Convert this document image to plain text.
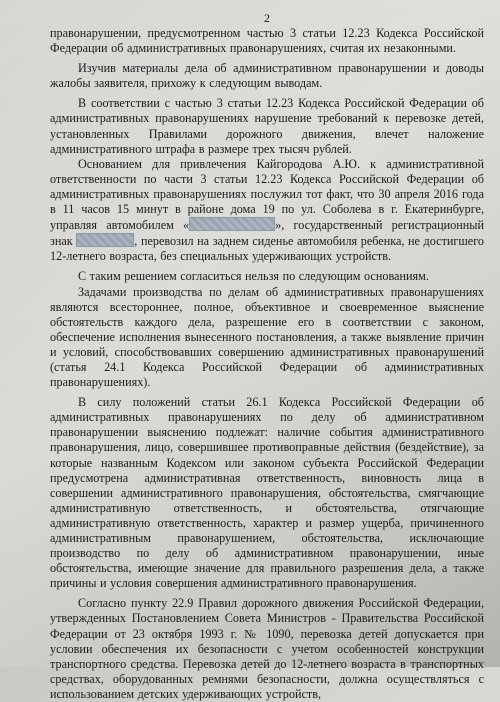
2

правонарушении, предусмотренном частью 3 статьи 12.23 Кодекса Российской Федерации об административных правонарушениях, считая их незаконными.

Изучив материалы дела об административном правонарушении и доводы жалобы заявителя, прихожу к следующим выводам.

В соответствии с частью 3 статьи 12.23 Кодекса Российской Федерации об административных правонарушениях нарушение требований к перевозке детей, установленных Правилами дорожного движения, влечет наложение административного штрафа в размере трех тысяч рублей.

Основанием для привлечения Кайгородова А.Ю. к административной ответственности по части 3 статьи 12.23 Кодекса Российской Федерации об административных правонарушениях послужил тот факт, что 30 апреля 2016 года в 11 часов 15 минут в районе дома 19 по ул. Соболева в г. Екатеринбурге, управляя автомобилем «	», государственный регистрационный знак	, перевозил на заднем сиденье автомобиля ребенка, не достигшего 12-летнего возраста, без специальных удерживающих устройств.

С таким решением согласиться нельзя по следующим основаниям.

Задачами производства по делам об административных правонарушениях являются всестороннее, полное, объективное и своевременное выяснение обстоятельств каждого дела, разрешение его в соответствии с законом, обеспечение исполнения вынесенного постановления, а также выявление причин и условий, способствовавших совершению административных правонарушений (статья 24.1 Кодекса Российской Федерации об административных правонарушениях).

В силу положений статьи 26.1 Кодекса Российской Федерации об административных правонарушениях по делу об административном правонарушении выяснению подлежат: наличие события административного правонарушения, лицо, совершившее противоправные действия (бездействие), за которые названным Кодексом или законом субъекта Российской Федерации предусмотрена административная ответственность, виновность лица в совершении административного правонарушения, обстоятельства, смягчающие административную ответственность, и обстоятельства, отягчающие административную ответственность, характер и размер ущерба, причиненного административным правонарушением, обстоятельства, исключающие производство по делу об административном правонарушении, иные обстоятельства, имеющие значение для правильного разрешения дела, а также причины и условия совершения административного правонарушения.

Согласно пункту 22.9 Правил дорожного движения Российской Федерации, утвержденных Постановлением Совета Министров - Правительства Российской Федерации от 23 октября 1993 г. № 1090, перевозка детей допускается при условии обеспечения их безопасности с учетом особенностей конструкции транспортного средства. Перевозка детей до 12-летнего возраста в транспортных средствах, оборудованных ремнями безопасности, должна осуществляться с использованием детских удерживающих устройств,
